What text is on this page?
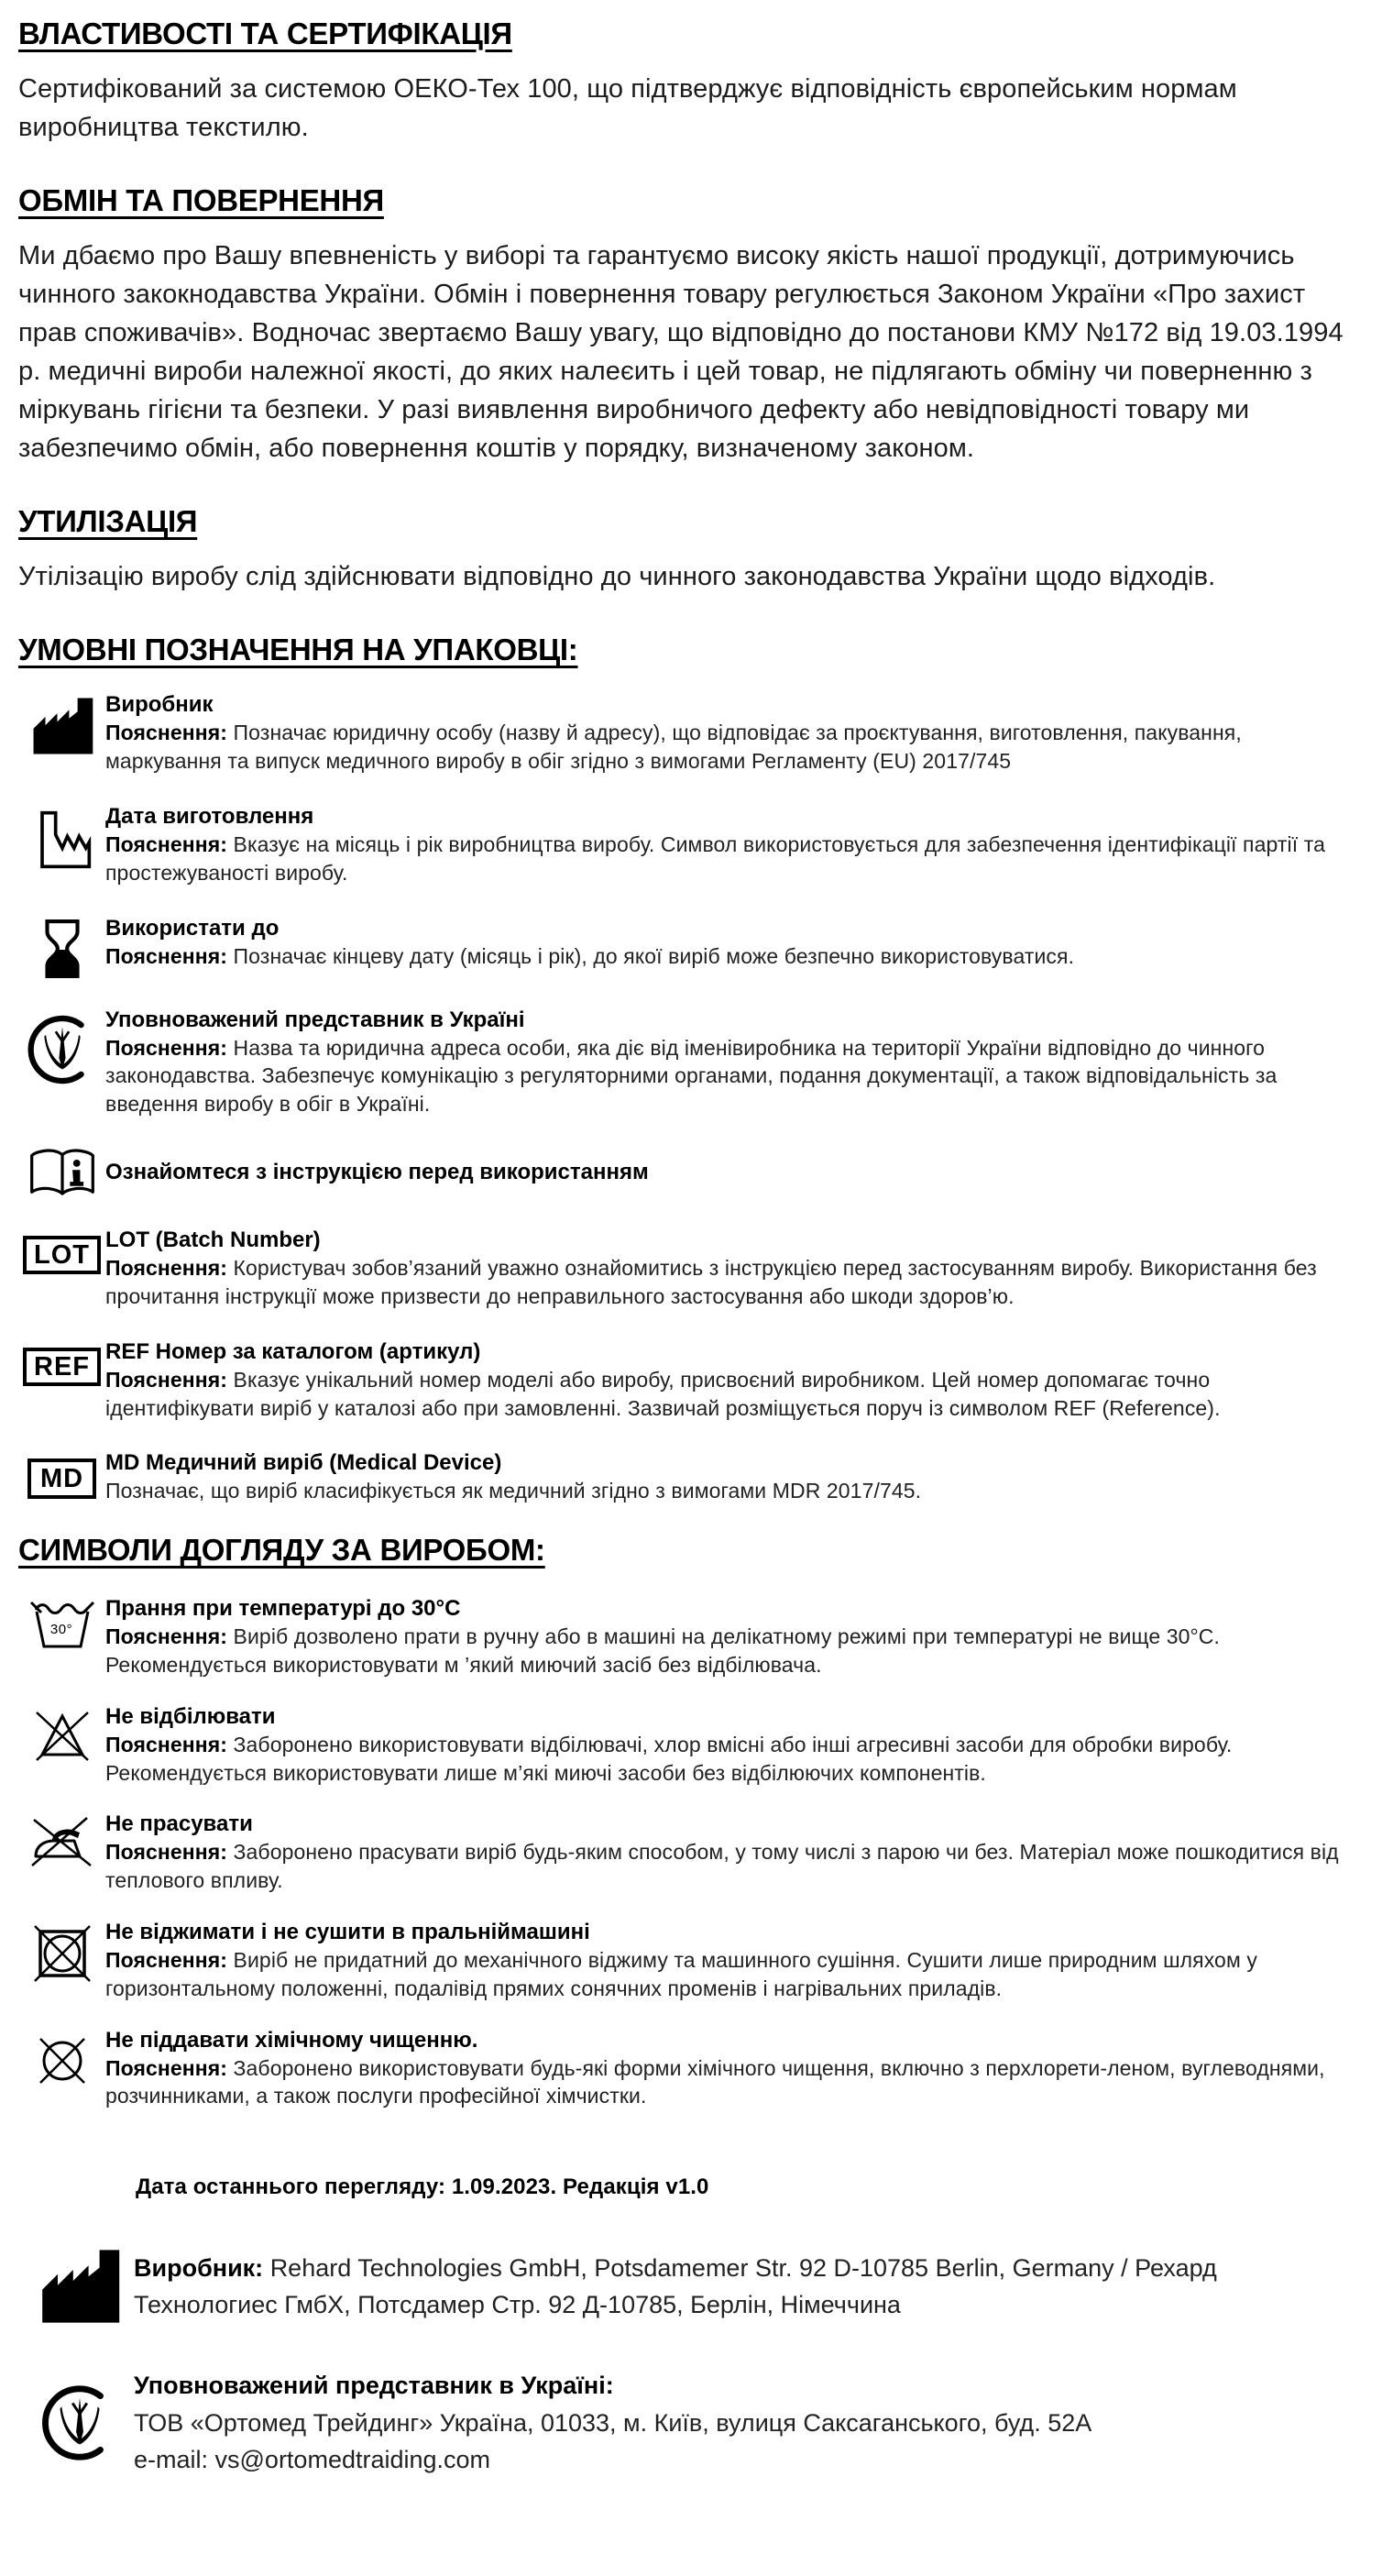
ВЛАСТИВОСТІ ТА СЕРТИФІКАЦІЯ

Сертифікований за системою ОЕКО-Тех 100, що підтверджує відповідність європейським нормам виробництва текстилю.

ОБМІН ТА ПОВЕРНЕННЯ

Ми дбаємо про Вашу впевненість у виборі та гарантуємо високу якість нашої продукції, дотримуючись чинного закокнодавства України. Обмін і повернення товару регулюється Законом України «Про захист прав споживачів». Водночас звертаємо Вашу увагу, що відповідно до постанови КМУ №172 від 19.03.1994 р. медичні вироби належної якості, до яких налеєить і цей товар, не підлягають обміну чи поверненню з міркувань гігієни та безпеки. У разі виявлення виробничого дефекту або невідповідності товару ми забезпечимо обмін, або повернення коштів у порядку, визначеному законом.

УТИЛІЗАЦІЯ

Утілізацію виробу слід здійснювати відповідно до чинного законодавства України щодо відходів.

УМОВНІ ПОЗНАЧЕННЯ НА УПАКОВЦІ:
Виробник

Пояснення: Позначає юридичну особу (назву й адресу), що відповідає за проєктування, виготовлення, пакування, маркування та випуск медичного виробу в обіг згідно з вимогами Регламенту (EU) 2017/745

Дата виготовлення

Пояснення: Вказує на місяць і рік виробництва виробу. Символ використовується для забезпечення ідентифікації партії та простежуваності виробу.

Використати до

Пояснення: Позначає кінцеву дату (місяць і рік), до якої виріб може безпечно використовуватися.

Уповноважений представник в Україні

Пояснення: Назва та юридична адреса особи, яка діє від іменівиробника на території України відповідно до чинного законодавства. Забезпечує комунікацію з регуляторними органами, подання документації, а також відповідальність за введення виробу в обіг в Україні.

Ознайомтеся з інструкцією перед використанням

LOT
LOT (Batch Number)

Пояснення: Користувач зобов’язаний уважно ознайомитись з інструкцією перед застосуванням виробу. Використання без прочитання інструкції може призвести до неправильного застосування або шкоди здоров’ю.

REF
REF Номер за каталогом (артикул)

Пояснення: Вказує унікальний номер моделі або виробу, присвоєний виробником. Цей номер допомагає точно ідентифікувати виріб у каталозі або при замовленні. Зазвичай розміщується поруч із символом REF (Reference).

MD
MD Медичний виріб (Medical Device)

Позначає, що виріб класифікується як медичний згідно з вимогами MDR 2017/745.

СИМВОЛИ ДОГЛЯДУ ЗА ВИРОБОМ:
30°
Прання при температурі до 30°С

Пояснення: Виріб дозволено прати в ручну або в машині на делікатному режимі при температурі не вище 30°С. Рекомендується використовувати м ’який миючий засіб без відбілювача.

Не відбілювати

Пояснення: Заборонено використовувати відбілювачі, хлор вмісні або інші агресивні засоби для обробки виробу. Рекомендується використовувати лише м’які миючі засоби без відбілюючих компонентів.

Не прасувати

Пояснення: Заборонено прасувати виріб будь-яким способом, у тому числі з парою чи без. Матеріал може пошкодитися від теплового впливу.

Не віджимати і не сушити в пральніймашині

Пояснення: Виріб не придатний до механічного віджиму та машинного сушіння. Сушити лише природним шляхом у горизонтальному положенні, подалівід прямих сонячних променів і нагрівальних приладів.

Не піддавати хімічному чищенню.

Пояснення: Заборонено використовувати будь-які форми хімічного чищення, включно з перхлорети-леном, вуглеводнями, розчинниками, а також послуги професійної хімчистки.

Дата останнього перегляду: 1.09.2023. Редакція v1.0

Виробник: Rehard Technologies GmbH, Potsdamemer Str. 92 D-10785 Berlin, Germany / Рехард Технологиес ГмбХ, Потсдамер Стр. 92 Д-10785, Берлін, Німеччина

Уповноважений представник в Україні:

ТОВ «Ортомед Трейдинг» Україна, 01033, м. Київ, вулиця Саксаганського, буд. 52А

e-mail: vs@ortomedtraiding.com
